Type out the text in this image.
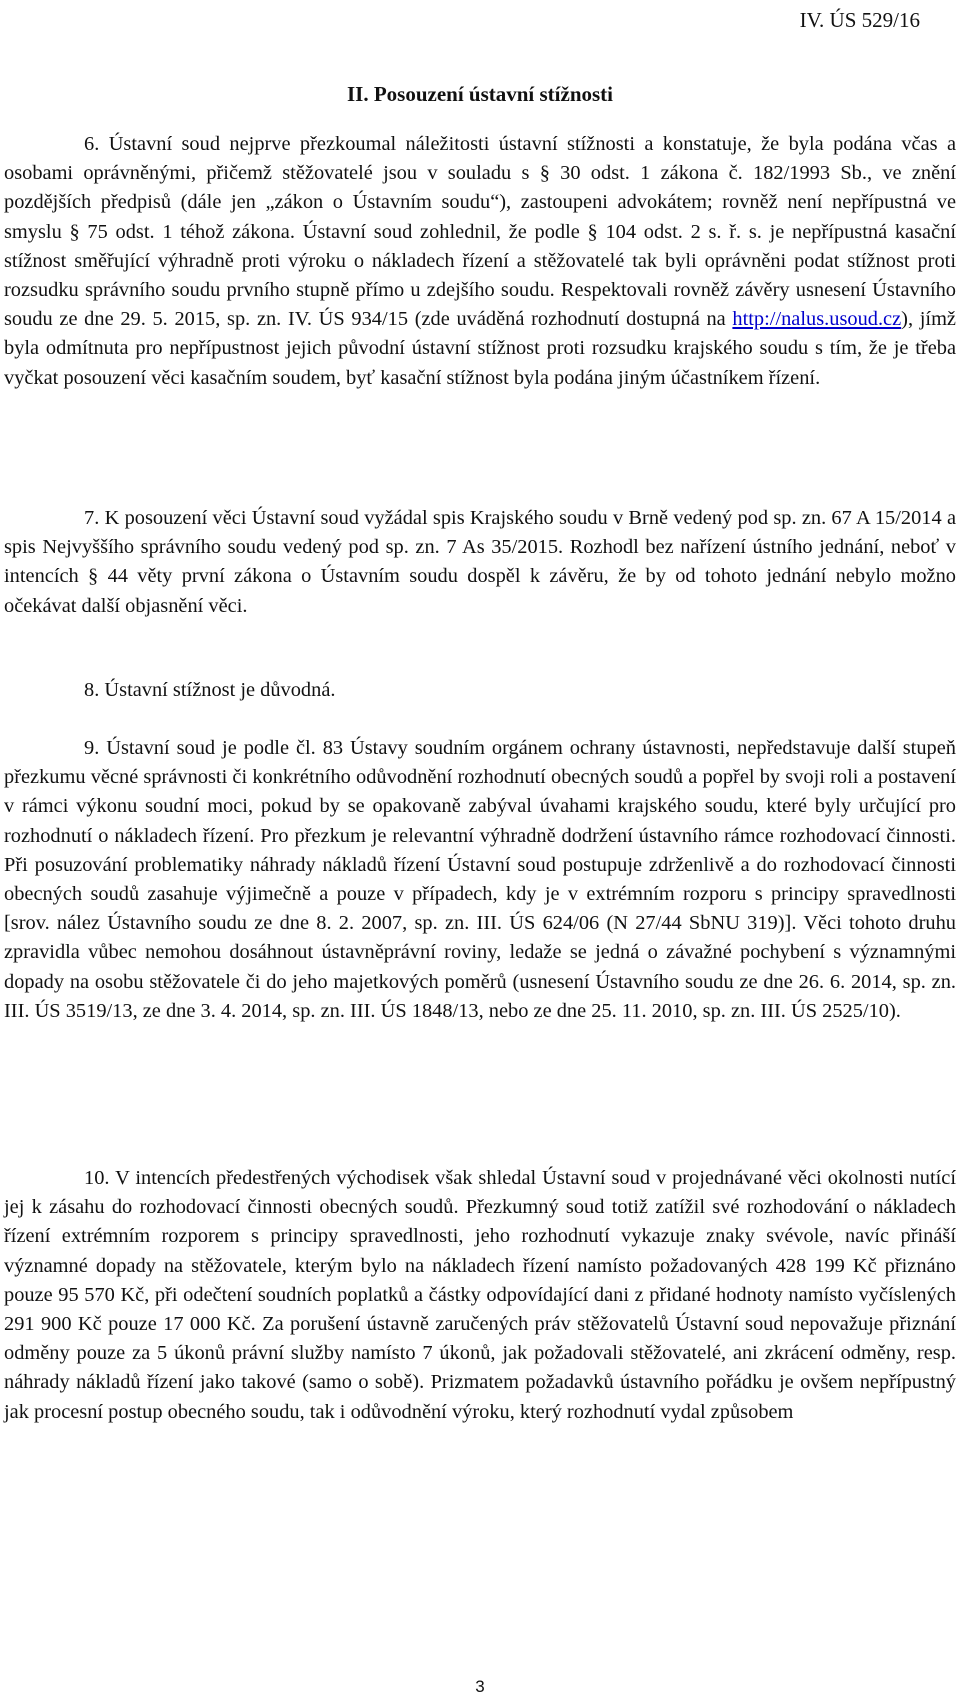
IV. ÚS 529/16
II. Posouzení ústavní stížnosti

6. Ústavní soud nejprve přezkoumal náležitosti ústavní stížnosti a konstatuje, že byla podána včas a osobami oprávněnými, přičemž stěžovatelé jsou v souladu s § 30 odst. 1 zákona č. 182/1993 Sb., ve znění pozdějších předpisů (dále jen „zákon o Ústavním soudu“), zastoupeni advokátem; rovněž není nepřípustná ve smyslu § 75 odst. 1 téhož zákona. Ústavní soud zohlednil, že podle § 104 odst. 2 s. ř. s. je nepřípustná kasační stížnost směřující výhradně proti výroku o nákladech řízení a stěžovatelé tak byli oprávněni podat stížnost proti rozsudku správního soudu prvního stupně přímo u zdejšího soudu. Respektovali rovněž závěry usnesení Ústavního soudu ze dne 29. 5. 2015, sp. zn. IV. ÚS 934/15 (zde uváděná rozhodnutí dostupná na http://nalus.usoud.cz), jímž byla odmítnuta pro nepřípustnost jejich původní ústavní stížnost proti rozsudku krajského soudu s tím, že je třeba vyčkat posouzení věci kasačním soudem, byť kasační stížnost byla podána jiným účastníkem řízení.

7. K posouzení věci Ústavní soud vyžádal spis Krajského soudu v Brně vedený pod sp. zn. 67 A 15/2014 a spis Nejvyššího správního soudu vedený pod sp. zn. 7 As 35/2015. Rozhodl bez nařízení ústního jednání, neboť v intencích § 44 věty první zákona o Ústavním soudu dospěl k závěru, že by od tohoto jednání nebylo možno očekávat další objasnění věci.

8. Ústavní stížnost je důvodná.

9. Ústavní soud je podle čl. 83 Ústavy soudním orgánem ochrany ústavnosti, nepředstavuje další stupeň přezkumu věcné správnosti či konkrétního odůvodnění rozhodnutí obecných soudů a popřel by svoji roli a postavení v rámci výkonu soudní moci, pokud by se opakovaně zabýval úvahami krajského soudu, které byly určující pro rozhodnutí o nákladech řízení. Pro přezkum je relevantní výhradně dodržení ústavního rámce rozhodovací činnosti. Při posuzování problematiky náhrady nákladů řízení Ústavní soud postupuje zdrženlivě a do rozhodovací činnosti obecných soudů zasahuje výjimečně a pouze v případech, kdy je v extrémním rozporu s principy spravedlnosti [srov. nález Ústavního soudu ze dne 8. 2. 2007, sp. zn. III. ÚS 624/06 (N 27/44 SbNU 319)]. Věci tohoto druhu zpravidla vůbec nemohou dosáhnout ústavněprávní roviny, ledaže se jedná o závažné pochybení s významnými dopady na osobu stěžovatele či do jeho majetkových poměrů (usnesení Ústavního soudu ze dne 26. 6. 2014, sp. zn. III. ÚS 3519/13, ze dne 3. 4. 2014, sp. zn. III. ÚS 1848/13, nebo ze dne 25. 11. 2010, sp. zn. III. ÚS 2525/10).

10. V intencích předestřených východisek však shledal Ústavní soud v projednávané věci okolnosti nutící jej k zásahu do rozhodovací činnosti obecných soudů. Přezkumný soud totiž zatížil své rozhodování o nákladech řízení extrémním rozporem s principy spravedlnosti, jeho rozhodnutí vykazuje znaky svévole, navíc přináší významné dopady na stěžovatele, kterým bylo na nákladech řízení namísto požadovaných 428 199 Kč přiznáno pouze 95 570 Kč, při odečtení soudních poplatků a částky odpovídající dani z přidané hodnoty namísto vyčíslených 291 900 Kč pouze 17 000 Kč. Za porušení ústavně zaručených práv stěžovatelů Ústavní soud nepovažuje přiznání odměny pouze za 5 úkonů právní služby namísto 7 úkonů, jak požadovali stěžovatelé, ani zkrácení odměny, resp. náhrady nákladů řízení jako takové (samo o sobě). Prizmatem požadavků ústavního pořádku je ovšem nepřípustný jak procesní postup obecného soudu, tak i odůvodnění výroku, který rozhodnutí vydal způsobem

3
